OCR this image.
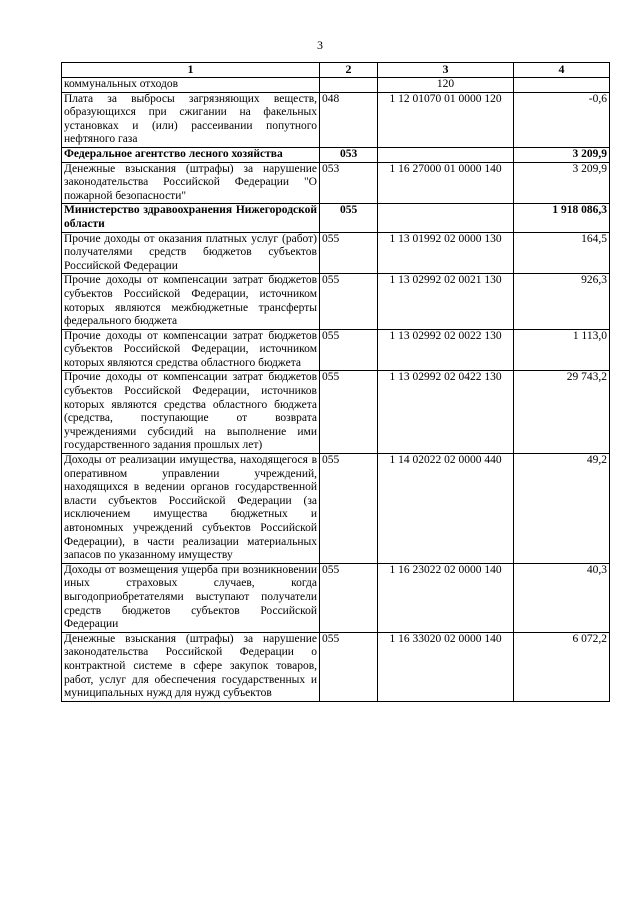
3
1	2	3	4
коммунальных отходов		120	
Плата за выбросы загрязняющих веществ, образующихся при сжигании на факельных установках и (или) рассеивании попутного нефтяного газа	048	1 12 01070 01 0000 120	-0,6
Федеральное агентство лесного хозяйства	053		3 209,9
Денежные взыскания (штрафы) за нарушение законодательства Российской Федерации "О пожарной безопасности"	053	1 16 27000 01 0000 140	3 209,9
Министерство здравоохранения Нижегородской области	055		1 918 086,3
Прочие доходы от оказания платных услуг (работ) получателями средств бюджетов субъектов Российской Федерации	055	1 13 01992 02 0000 130	164,5
Прочие доходы от компенсации затрат бюджетов субъектов Российской Федерации, источником которых являются межбюджетные трансферты федерального бюджета	055	1 13 02992 02 0021 130	926,3
Прочие доходы от компенсации затрат бюджетов субъектов Российской Федерации, источником которых являются средства областного бюджета	055	1 13 02992 02 0022 130	1 113,0
Прочие доходы от компенсации затрат бюджетов субъектов Российской Федерации, источников которых являются средства областного бюджета (средства, поступающие от возврата учреждениями субсидий на выполнение ими государственного задания прошлых лет)	055	1 13 02992 02 0422 130	29 743,2
Доходы от реализации имущества, находящегося в оперативном управлении учреждений, находящихся в ведении органов государственной власти субъектов Российской Федерации (за исключением имущества бюджетных и автономных учреждений субъектов Российской Федерации), в части реализации материальных запасов по указанному имуществу	055	1 14 02022 02 0000 440	49,2
Доходы от возмещения ущерба при возникновении иных страховых случаев, когда выгодоприобретателями выступают получатели средств бюджетов субъектов Российской Федерации	055	1 16 23022 02 0000 140	40,3
Денежные взыскания (штрафы) за нарушение законодательства Российской Федерации о контрактной системе в сфере закупок товаров, работ, услуг для обеспечения государственных и муниципальных нужд для нужд субъектов	055	1 16 33020 02 0000 140	6 072,2
